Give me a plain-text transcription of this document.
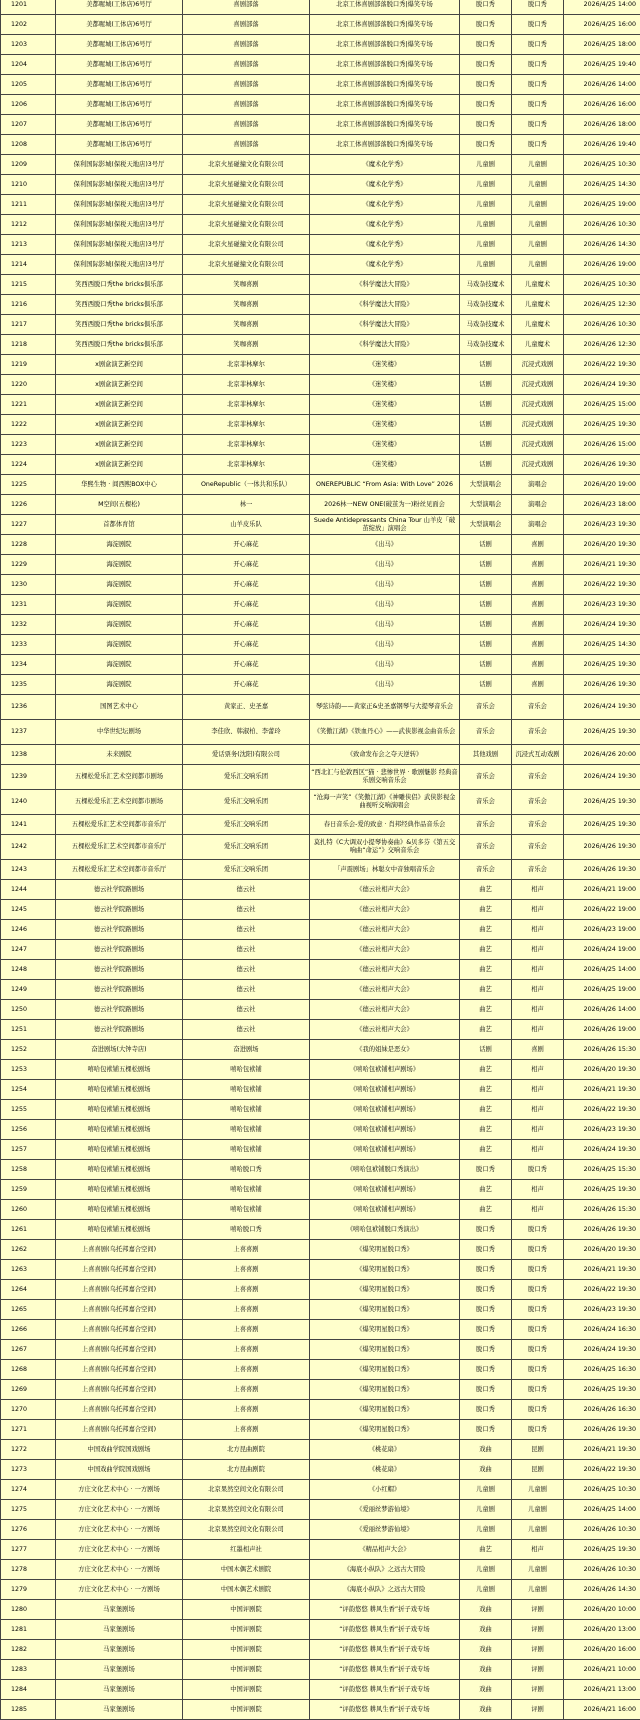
1201	美都喔城(工体店)6号厅	喜剧部落	北京工体喜剧部落脱口秀|爆笑专场	脱口秀	脱口秀	2026/4/25 14:00
1202	美都喔城(工体店)6号厅	喜剧部落	北京工体喜剧部落脱口秀|爆笑专场	脱口秀	脱口秀	2026/4/25 16:00
1203	美都喔城(工体店)6号厅	喜剧部落	北京工体喜剧部落脱口秀|爆笑专场	脱口秀	脱口秀	2026/4/25 18:00
1204	美都喔城(工体店)6号厅	喜剧部落	北京工体喜剧部落脱口秀|爆笑专场	脱口秀	脱口秀	2026/4/25 19:40
1205	美都喔城(工体店)6号厅	喜剧部落	北京工体喜剧部落脱口秀|爆笑专场	脱口秀	脱口秀	2026/4/26 14:00
1206	美都喔城(工体店)6号厅	喜剧部落	北京工体喜剧部落脱口秀|爆笑专场	脱口秀	脱口秀	2026/4/26 16:00
1207	美都喔城(工体店)6号厅	喜剧部落	北京工体喜剧部落脱口秀|爆笑专场	脱口秀	脱口秀	2026/4/26 18:00
1208	美都喔城(工体店)6号厅	喜剧部落	北京工体喜剧部落脱口秀|爆笑专场	脱口秀	脱口秀	2026/4/26 19:40
1209	保利国际影城(保税天地店)3号厅	北京火星碰撞文化有限公司	《魔术化学秀》	儿童剧	儿童剧	2026/4/25 10:30
1210	保利国际影城(保税天地店)3号厅	北京火星碰撞文化有限公司	《魔术化学秀》	儿童剧	儿童剧	2026/4/25 14:30
1211	保利国际影城(保税天地店)3号厅	北京火星碰撞文化有限公司	《魔术化学秀》	儿童剧	儿童剧	2026/4/25 19:00
1212	保利国际影城(保税天地店)3号厅	北京火星碰撞文化有限公司	《魔术化学秀》	儿童剧	儿童剧	2026/4/26 10:30
1213	保利国际影城(保税天地店)3号厅	北京火星碰撞文化有限公司	《魔术化学秀》	儿童剧	儿童剧	2026/4/26 14:30
1214	保利国际影城(保税天地店)3号厅	北京火星碰撞文化有限公司	《魔术化学秀》	儿童剧	儿童剧	2026/4/26 19:00
1215	笑西西脱口秀the bricks俱乐部	笑咖喜剧	《科学魔法大冒险》	马戏杂技魔术	儿童魔术	2026/4/25 10:30
1216	笑西西脱口秀the bricks俱乐部	笑咖喜剧	《科学魔法大冒险》	马戏杂技魔术	儿童魔术	2026/4/25 12:30
1217	笑西西脱口秀the bricks俱乐部	笑咖喜剧	《科学魔法大冒险》	马戏杂技魔术	儿童魔术	2026/4/26 10:30
1218	笑西西脱口秀the bricks俱乐部	笑咖喜剧	《科学魔法大冒险》	马戏杂技魔术	儿童魔术	2026/4/26 12:30
1219	x剧盒演艺新空间	北京菲林摩尔	《迷笑楼》	话剧	沉浸式戏剧	2026/4/22 19:30
1220	x剧盒演艺新空间	北京菲林摩尔	《迷笑楼》	话剧	沉浸式戏剧	2026/4/24 19:30
1221	x剧盒演艺新空间	北京菲林摩尔	《迷笑楼》	话剧	沉浸式戏剧	2026/4/25 15:00
1222	x剧盒演艺新空间	北京菲林摩尔	《迷笑楼》	话剧	沉浸式戏剧	2026/4/25 19:30
1223	x剧盒演艺新空间	北京菲林摩尔	《迷笑楼》	话剧	沉浸式戏剧	2026/4/26 15:00
1224	x剧盒演艺新空间	北京菲林摩尔	《迷笑楼》	话剧	沉浸式戏剧	2026/4/26 19:30
1225	华熙生物 · 闾西熙BOX中心	OneRepublic（一体共和乐队）	ONEREPUBLIC “From Asia: With Love” 2026	大型演唱会	演唱会	2026/4/20 19:00
1226	M空间(五棵松)	林一	2026林一NEW ONE(破茧为一)粉丝见面会	大型演唱会	演唱会	2026/4/23 18:00
1227	首都体育馆	山羊皮乐队	Suede Antidepressants China Tour 山羊皮「破茧绽放」演唱会	大型演唱会	演唱会	2026/4/23 19:30
1228	海淀剧院	开心麻花	《出马》	话剧	喜剧	2026/4/20 19:30
1229	海淀剧院	开心麻花	《出马》	话剧	喜剧	2026/4/21 19:30
1230	海淀剧院	开心麻花	《出马》	话剧	喜剧	2026/4/22 19:30
1231	海淀剧院	开心麻花	《出马》	话剧	喜剧	2026/4/23 19:30
1232	海淀剧院	开心麻花	《出马》	话剧	喜剧	2026/4/24 19:30
1233	海淀剧院	开心麻花	《出马》	话剧	喜剧	2026/4/25 14:30
1234	海淀剧院	开心麻花	《出马》	话剧	喜剧	2026/4/25 19:30
1235	海淀剧院	开心麻花	《出马》	话剧	喜剧	2026/4/26 19:30
1236	国图艺术中心	黄家正、史圣嘉	琴弦诗韵——黄家正&史圣嘉钢琴与大提琴音乐会	音乐会	音乐会	2026/4/24 19:30
1237	中华世纪坛剧场	李佳欣、韩淑柏、李蕾玲	《笑傲江湖》《铁血丹心》——武侠影视金曲音乐会	音乐会	音乐会	2026/4/25 19:30
1238	未来剧院	爱话票务(沈阳)有限公司	《致命发布会之夺天逆转》	其他戏剧	沉浸式互动戏剧	2026/4/26 20:00
1239	五棵松爱乐汇艺术空间都市剧场	爱乐汇交响乐团	“西北汇与伦敦西区”猫 · 悲惨世界 · 歌剧魅影 经典音乐剧交响音乐会	音乐会	音乐会	2026/4/24 19:30
1240	五棵松爱乐汇艺术空间都市剧场	爱乐汇交响乐团	“沧海一声笑”《笑傲江湖》《神雕侠侣》武侠影视金曲视听交响演唱会	音乐会	音乐会	2026/4/25 19:30
1241	五棵松爱乐汇艺术空间都市音乐厅	爱乐汇交响乐团	春日音乐会-爱的致意 · 肖邦经典作品音乐会	音乐会	音乐会	2026/4/25 19:30
1242	五棵松爱乐汇艺术空间都市音乐厅	爱乐汇交响乐团	莫扎特《C大调双小提琴协奏曲》&贝多芬《第五交响曲“命运”》交响音乐会	音乐会	音乐会	2026/4/26 19:30
1243	五棵松爱乐汇艺术空间都市音乐厅	爱乐汇交响乐团	「声震剧场」林聪女中音独唱音乐会	音乐会	音乐会	2026/4/26 19:30
1244	德云社学院路剧场	德云社	《德云社相声大会》	曲艺	相声	2026/4/21 19:00
1245	德云社学院路剧场	德云社	《德云社相声大会》	曲艺	相声	2026/4/22 19:00
1246	德云社学院路剧场	德云社	《德云社相声大会》	曲艺	相声	2026/4/23 19:00
1247	德云社学院路剧场	德云社	《德云社相声大会》	曲艺	相声	2026/4/24 19:00
1248	德云社学院路剧场	德云社	《德云社相声大会》	曲艺	相声	2026/4/25 14:00
1249	德云社学院路剧场	德云社	《德云社相声大会》	曲艺	相声	2026/4/25 19:00
1250	德云社学院路剧场	德云社	《德云社相声大会》	曲艺	相声	2026/4/26 14:00
1251	德云社学院路剧场	德云社	《德云社相声大会》	曲艺	相声	2026/4/26 19:00
1252	奋进剧场(大钟寺店)	奋进剧场	《我的姐妹是恶女》	话剧	喜剧	2026/4/26 15:30
1253	嘻哈包袱铺五棵松剧场	嘻哈包袱铺	《嘻哈包袱铺相声剧场》	曲艺	相声	2026/4/20 19:30
1254	嘻哈包袱铺五棵松剧场	嘻哈包袱铺	《嘻哈包袱铺相声剧场》	曲艺	相声	2026/4/21 19:30
1255	嘻哈包袱铺五棵松剧场	嘻哈包袱铺	《嘻哈包袱铺相声剧场》	曲艺	相声	2026/4/22 19:30
1256	嘻哈包袱铺五棵松剧场	嘻哈包袱铺	《嘻哈包袱铺相声剧场》	曲艺	相声	2026/4/23 19:30
1257	嘻哈包袱铺五棵松剧场	嘻哈包袱铺	《嘻哈包袱铺相声剧场》	曲艺	相声	2026/4/24 19:30
1258	嘻哈包袱铺五棵松剧场	嘻哈脱口秀	《嘻哈包袱铺脱口秀演出》	脱口秀	脱口秀	2026/4/25 15:30
1259	嘻哈包袱铺五棵松剧场	嘻哈包袱铺	《嘻哈包袱铺相声剧场》	曲艺	相声	2026/4/25 19:30
1260	嘻哈包袱铺五棵松剧场	嘻哈包袱铺	《嘻哈包袱铺相声剧场》	曲艺	相声	2026/4/26 15:30
1261	嘻哈包袱铺五棵松剧场	嘻哈脱口秀	《嘻哈包袱铺脱口秀演出》	脱口秀	脱口秀	2026/4/26 19:30
1262	上喜喜剧(乌托邦嘉合空间)	上喜喜剧	《爆笑明星脱口秀》	脱口秀	脱口秀	2026/4/20 19:30
1263	上喜喜剧(乌托邦嘉合空间)	上喜喜剧	《爆笑明星脱口秀》	脱口秀	脱口秀	2026/4/21 19:30
1264	上喜喜剧(乌托邦嘉合空间)	上喜喜剧	《爆笑明星脱口秀》	脱口秀	脱口秀	2026/4/22 19:30
1265	上喜喜剧(乌托邦嘉合空间)	上喜喜剧	《爆笑明星脱口秀》	脱口秀	脱口秀	2026/4/23 19:30
1266	上喜喜剧(乌托邦嘉合空间)	上喜喜剧	《爆笑明星脱口秀》	脱口秀	脱口秀	2026/4/24 16:30
1267	上喜喜剧(乌托邦嘉合空间)	上喜喜剧	《爆笑明星脱口秀》	脱口秀	脱口秀	2026/4/24 19:30
1268	上喜喜剧(乌托邦嘉合空间)	上喜喜剧	《爆笑明星脱口秀》	脱口秀	脱口秀	2026/4/25 16:30
1269	上喜喜剧(乌托邦嘉合空间)	上喜喜剧	《爆笑明星脱口秀》	脱口秀	脱口秀	2026/4/25 19:30
1270	上喜喜剧(乌托邦嘉合空间)	上喜喜剧	《爆笑明星脱口秀》	脱口秀	脱口秀	2026/4/26 16:30
1271	上喜喜剧(乌托邦嘉合空间)	上喜喜剧	《爆笑明星脱口秀》	脱口秀	脱口秀	2026/4/26 19:30
1272	中国戏曲学院国戏剧场	北方昆曲剧院	《桃花扇》	戏曲	昆剧	2026/4/21 19:30
1273	中国戏曲学院国戏剧场	北方昆曲剧院	《桃花扇》	戏曲	昆剧	2026/4/22 19:30
1274	方庄文化艺术中心 · 一方剧场	北京果然空间文化有限公司	《小红帽》	儿童剧	儿童剧	2026/4/25 10:30
1275	方庄文化艺术中心 · 一方剧场	北京果然空间文化有限公司	《爱丽丝梦游仙境》	儿童剧	儿童剧	2026/4/25 14:00
1276	方庄文化艺术中心 · 一方剧场	北京果然空间文化有限公司	《爱丽丝梦游仙境》	儿童剧	儿童剧	2026/4/26 10:30
1277	方庄文化艺术中心 · 一方剧场	红墨相声社	《精品相声大会》	曲艺	相声	2026/4/25 19:30
1278	方庄文化艺术中心 · 一方剧场	中国木偶艺术剧院	《海底小纵队》之远古大冒险	儿童剧	儿童剧	2026/4/26 10:30
1279	方庄文化艺术中心 · 一方剧场	中国木偶艺术剧院	《海底小纵队》之远古大冒险	儿童剧	儿童剧	2026/4/26 14:30
1280	马家堡剧场	中国评剧院	“评韵悠悠 耕风生香”折子戏专场	戏曲	评剧	2026/4/20 10:00
1281	马家堡剧场	中国评剧院	“评韵悠悠 耕风生香”折子戏专场	戏曲	评剧	2026/4/20 13:00
1282	马家堡剧场	中国评剧院	“评韵悠悠 耕风生香”折子戏专场	戏曲	评剧	2026/4/20 16:00
1283	马家堡剧场	中国评剧院	“评韵悠悠 耕风生香”折子戏专场	戏曲	评剧	2026/4/21 10:00
1284	马家堡剧场	中国评剧院	“评韵悠悠 耕风生香”折子戏专场	戏曲	评剧	2026/4/21 13:00
1285	马家堡剧场	中国评剧院	“评韵悠悠 耕风生香”折子戏专场	戏曲	评剧	2026/4/21 16:00
